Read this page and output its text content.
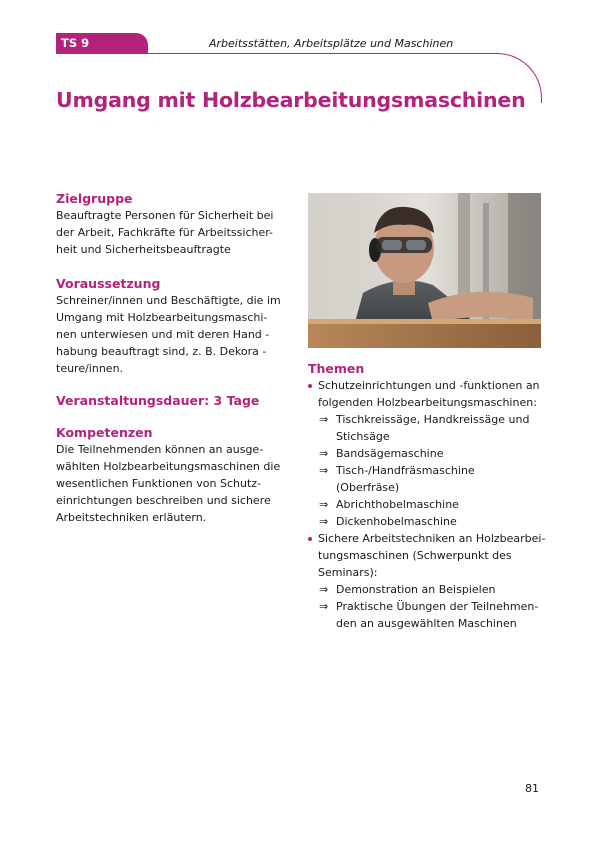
TS 9	Arbeitsstätten, Arbeitsplätze und Maschinen
Umgang mit Holzbearbeitungsmaschinen
Zielgruppe

Beauftragte Personen für Sicherheit bei
der Arbeit, Fachkräfte für Arbeitssicher-
heit und Sicherheitsbeauftragte

Voraussetzung

Schreiner/innen und Beschäftigte, die im
Umgang mit Holzbearbeitungsmaschi-
nen unterwiesen und mit deren Hand -
habung beauftragt sind, z. B. Dekora -
teure/innen.

Veranstaltungsdauer: 3 Tage
Kompetenzen

Die Teilnehmenden können an ausge-
wählten Holzbearbeitungsmaschinen die
wesentlichen Funktionen von Schutz-
einrichtungen beschreiben und sichere
Arbeitstechniken erläutern.

Themen
Schutzeinrichtungen und -funktionen an
folgenden Holzbearbeitungsmaschinen:
⇒ Tischkreissäge, Handkreissäge und
Stichsäge
⇒ Bandsägemaschine
⇒ Tisch-/Handfräsmaschine
(Oberfräse)
⇒ Abrichthobelmaschine
⇒ Dickenhobelmaschine
Sichere Arbeitstechniken an Holzbearbei-
tungsmaschinen (Schwerpunkt des
Seminars):
⇒ Demonstration an Beispielen
⇒ Praktische Übungen der Teilnehmen-
den an ausgewählten Maschinen
81
